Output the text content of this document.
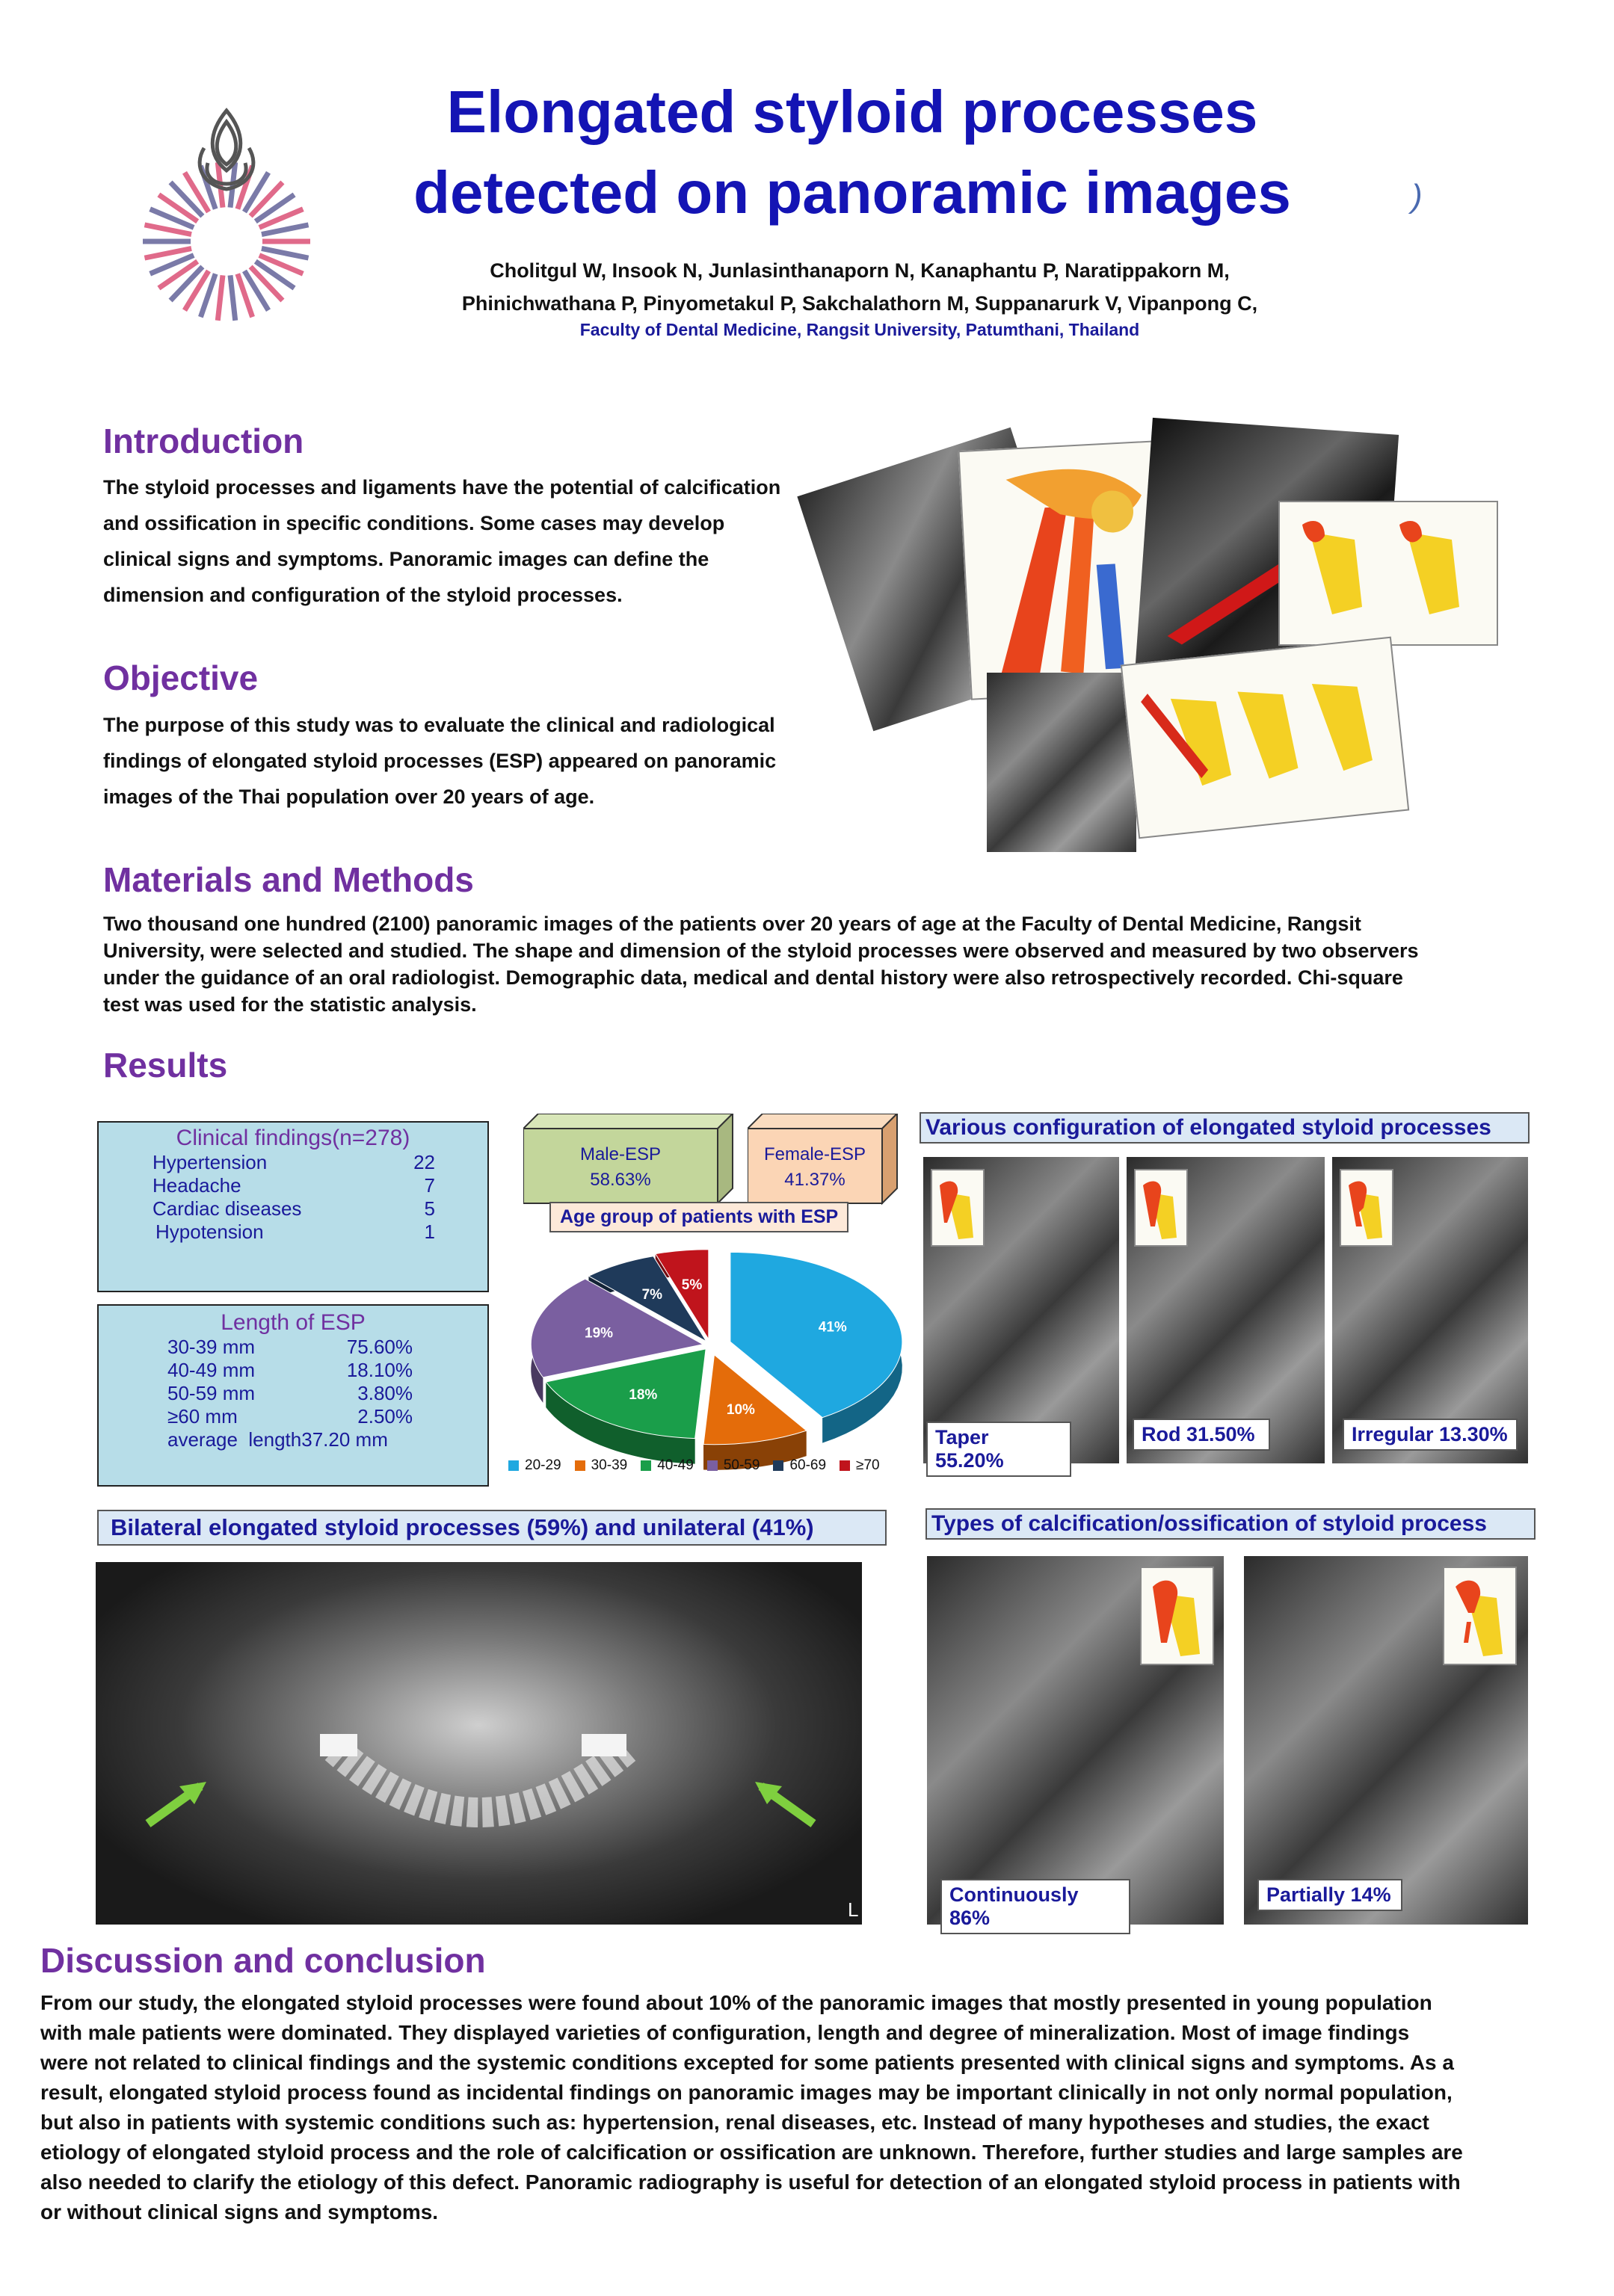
Elongated styloid processes
detected on panoramic images	)
Cholitgul W, Insook N, Junlasinthanaporn N, Kanaphantu P, Naratippakorn M,
Phinichwathana P, Pinyometakul P, Sakchalathorn M, Suppanarurk V, Vipanpong C,
Faculty of Dental Medicine, Rangsit University, Patumthani, Thailand
Introduction
The styloid processes and ligaments have the potential of calcification
and ossification in specific conditions. Some cases may develop
clinical signs and symptoms. Panoramic images can define the
dimension and configuration of the styloid processes.
Objective
The purpose of this study was to evaluate the clinical and radiological
findings of elongated styloid processes (ESP) appeared on panoramic
images of the Thai population over 20 years of age.
Materials and Methods
Two thousand one hundred (2100) panoramic images of the patients over 20 years of age at the Faculty of Dental Medicine, Rangsit
University, were selected and studied. The shape and dimension of the styloid processes were observed and measured by two observers
under the guidance of an oral radiologist. Demographic data, medical and dental history were also retrospectively recorded. Chi-square
test was used for the statistic analysis.
Results
Clinical findings(n=278)
Hypertension	22
Headache	7
Cardiac diseases	5
Hypotension	1
Length of ESP
30-39 mm	75.60%
40-49 mm	18.10%
50-59 mm	3.80%
≥60 mm	2.50%
average  length37.20 mm
Male-ESP
58.63%
Female-ESP
41.37%
Age group of patients with ESP
41%
10%
18%
19%
7%
5%
20-29 30-39 40-49 50-59 60-69 ≥70
Various configuration of elongated styloid processes
Taper 55.20%
Rod 31.50%	Irregular 13.30%
Bilateral elongated styloid processes (59%) and unilateral (41%)
L
Types of calcification/ossification of styloid process
Continuously 86%
Partially 14%
Discussion and conclusion
From our study, the elongated styloid processes were found about 10% of the panoramic images that mostly presented in young population
with male patients were dominated. They displayed varieties of configuration, length and degree of mineralization. Most of image findings
were not related to clinical findings and the systemic conditions excepted for some patients presented with clinical signs and symptoms. As a
result, elongated styloid process found as incidental findings on panoramic images may be important clinically in not only normal population,
but also in patients with systemic conditions such as: hypertension, renal diseases, etc. Instead of many hypotheses and studies, the exact
etiology of elongated styloid process and the role of calcification or ossification are unknown. Therefore, further studies and large samples are
also needed to clarify the etiology of this defect. Panoramic radiography is useful for detection of an elongated styloid process in patients with
or without clinical signs and symptoms.
